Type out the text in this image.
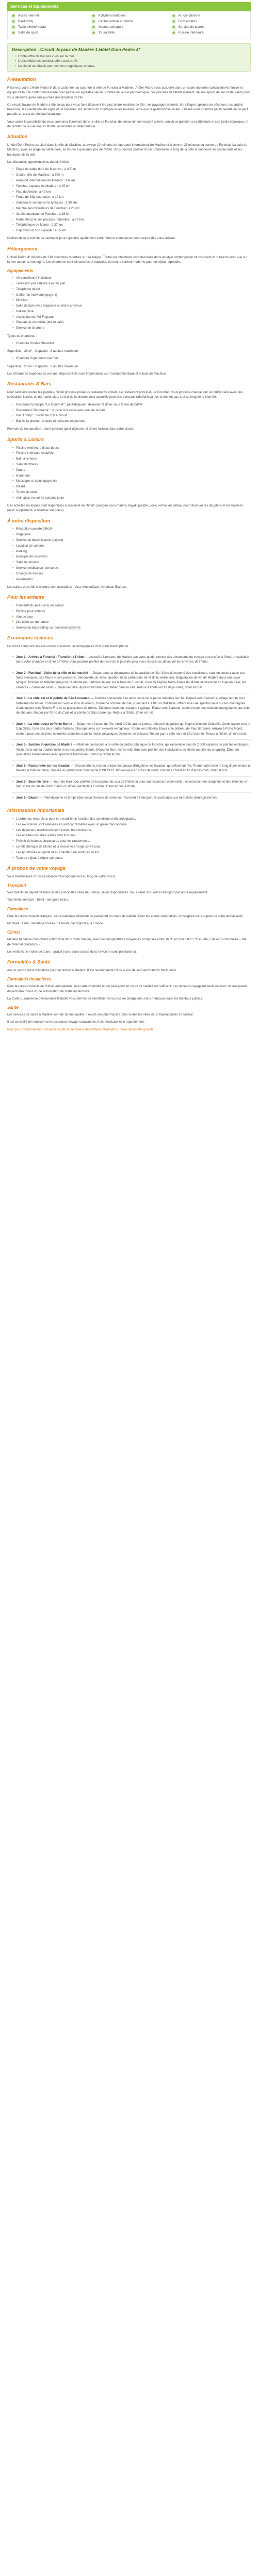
Services et équipements
◉ Accès internet	◉ Activités nautiques	◉ Air conditionné
◉ Bar/Lobby	◉ Centre remise en forme	◉ Club enfants
◉ Table d'hôte/restau	◉ Navette aéroport	◉ Service de laverie
◉ Salle de sport	◉ TV satellite	◉ Piscine intérieure
Description - Circuit Joyaux de Madère 1.Hôtel Dom Pedro 4*
• L'hôtel offre de bonnes vues sur la mer.
• L'ensemble des services offert sont de 4*.
• Le circuit est étudié pour voir les magnifiques criques.
Présentation

Réservez votre L'Hôtel Pedro 5' dans Lisbonne, au cœur de la ville de Funchal à Madère. L'hôtel Pedro vous accueille dans un cadre moderne spécialement rénové et équipé de tout le confort nécessaire pour passer un agréable séjour. Profitez de la vue panoramique, des piscines de l'établissement, de son spa et de ses restaurants pour vous détendre après une journée d'exploration de l'île.

Ce circuit Joyaux de Madère a été conçu pour vous faire découvrir les plus beaux endroits de l'île : les paysages naturels, les villages typiques de pêcheurs, les jardins tropicaux, les plantations de vigne et de bananes, les sentiers de montagne et les levadas, ainsi que la gastronomie locale. Laissez-vous charmer par la beauté de ce petit paradis au cœur de l'océan Atlantique.

Vous aurez la possibilité de vous promener librement dans la ville de Funchal, de découvrir son marché coloré, son vieux quartier, sa cathédrale et son jardin botanique, et de profiter de la vue depuis Monte, accessible en téléphérique.

Situation

L'hôtel Dom Pedro est situé dans la ville de Machico, à environ 10 minutes de l'aéroport international de Madère et à environ 25 minutes du centre de Funchal. La baie de Machico, avec sa plage de sable doré, se trouve à quelques pas de l'hôtel. Vous pourrez profiter d'une promenade le long de la côte et découvrir les restaurants et les boutiques de la ville.

Les distances approximatives depuis l'hôtel :

• Plage de sable doré de Machico : à 200 m
• Centre-ville de Machico : à 300 m
• Aéroport international de Madère : à 6 km
• Funchal, capitale de Madère : à 25 km
• Pico do Arieiro : à 40 km
• Ponta de São Lourenço : à 12 km
• Santana et ses maisons typiques : à 30 km
• Marché des travailleurs de Funchal : à 25 km
• Jardin botanique de Funchal : à 28 km
• Porto Moniz et ses piscines naturelles : à 70 km
• Téléphérique de Monte : à 27 km
• Cap Girão et son skywalk : à 35 km

Profitez de la proximité de l'aéroport pour rejoindre rapidement votre hôtel et commencer votre séjour dès votre arrivée.

Hébergement

L'Hôtel Pedro 4* dispose de 218 chambres réparties sur 14 étages. Toutes les chambres sont décorées dans un style contemporain et disposent d'un balcon avec vue sur la mer ou sur la montagne. Les chambres sont climatisées et équipées de tout le confort moderne pour un séjour agréable.

Équipements
• Air conditionné individuel
• Télévision par satellite à écran plat
• Téléphone direct
• Coffre-fort individuel (payant)
• Mini-bar
• Salle de bain avec baignoire et sèche-cheveux
• Balcon privé
• Accès internet Wi-Fi gratuit
• Plateau de courtoisie (thé et café)
• Service de chambre

Types de chambres :

• Chambre Double Standard

Superficie : 26 m² - Capacité : 3 adultes maximum

• Chambre Supérieure vue mer

Superficie : 28 m² - Capacité : 3 adultes maximum

Les Chambres Supérieures vue mer disposent de vues imprenables sur l'océan Atlantique et la baie de Machico.

Restaurants & Bars

Pour satisfaire toutes les papilles, l'hôtel propose plusieurs restaurants et bars. Le restaurant principal, Le Gourmet, vous propose chaque jour un buffet varié avec des spécialités locales et internationales. Le bar de la piscine vous accueille pour des boissons rafraîchissantes et des en-cas tout au long de la journée.

• Restaurant principal "Le Gourmet" : petit-déjeuner, déjeuner et dîner sous forme de buffet
• Restaurant "Panorama" : cuisine à la carte avec vue sur la baie
• Bar "Lobby" : ouvert de 10h à minuit
• Bar de la piscine : snacks et boissons en journée

Formule de restauration : demi-pension (petit-déjeuner et dîner) incluse dans votre circuit.

Sports & Loisirs
• Piscine extérieure d'eau douce
• Piscine intérieure chauffée
• Bain à remous
• Salle de fitness
• Sauna
• Hammam
• Massages et soins (payants)
• Billard
• Tennis de table
• Animation en soirée certains jours

Des activités nautiques sont disponibles à proximité de l'hôtel : plongée sous-marine, kayak, paddle, voile, sorties en bateau pour observer les dauphins et les baleines (avec supplément, à réserver sur place).

À votre disposition
• Réception ouverte 24h/24
• Bagagerie
• Service de blanchisserie (payant)
• Location de voitures
• Parking
• Boutique de souvenirs
• Salle de réunion
• Service médical sur demande
• Change de devises
• Ascenseurs

Les cartes de crédit suivantes sont acceptées : Visa, MasterCard, American Express.

Pour les enfants
• Club enfants (4-12 ans) en saison
• Piscine pour enfants
• Aire de jeux
• Lits bébé sur demande
• Service de baby-sitting sur demande (payant)
Excursions incluses

Le circuit comprend les excursions suivantes, accompagnées d'un guide francophone :

• Jour 1 - Arrivée à Funchal - Transfert à l'hôtel — Accueil à l'aéroport de Madère par votre guide, remise des documents de voyage et transfert à l'hôtel. Installation dans votre chambre et dîner à l'hôtel. Vous pourrez profiter du reste de la journée pour vous reposer ou découvrir les environs de l'hôtel.
• Jour 2 - Funchal - Visite de la ville et du marché — Départ pour la découverte de la capitale de l'île. Visite du marché des travailleurs, haut en couleur avec ses fruits exotiques, ses fleurs et ses poissons. Découverte du vieux quartier, de la cathédrale Sé et de la vieille ville. Dégustation de vin de Madère dans une cave typique. Montée en téléphérique jusqu'à Monte pour admirer la vue sur la baie de Funchal, visite de l'église Notre-Dame du Monte et descente en luge en osier, les célèbres « carros de cesto ». Déjeuner libre. Après-midi libre pour flâner dans la ville. Retour à l'hôtel en fin de journée, dîner et nuit.
• Jour 3 - La côte est et la pointe de São Lourenço — Journée consacrée à la découverte de la partie orientale de l'île. Départ vers Camacha, village réputé pour l'artisanat de l'osier. Continuation vers le Pico do Arieiro, troisième sommet de l'île, culminant à 1 818 m d'altitude, offrant une vue spectaculaire sur les montagnes. Continuation vers Ribeiro Frio et sa pisciculture de truites. Déjeuner dans un restaurant typique. Route vers Santana, célèbre pour ses maisons triangulaires aux toits de chaume. Retour par Porto da Cruz et la pointe de São Lourenço. Retour à l'hôtel, dîner et nuit.
• Jour 4 - La côte ouest et Porto Moniz — Départ vers l'ouest de l'île. Arrêt à Câmara de Lobos, petit port de pêche qui inspira Winston Churchill. Continuation vers le Cap Girão, l'une des plus hautes falaises d'Europe avec son skywalk vertigineux. Route vers Ribeira Brava et le plateau de Paul da Serra. Arrivée à Porto Moniz, célèbre pour ses piscines naturelles creusées dans la roche volcanique. Déjeuner de poisson. Retour par la côte nord et São Vicente. Retour à l'hôtel, dîner et nuit.
• Jour 5 - Jardins et quintas de Madère — Matinée consacrée à la visite du jardin botanique de Funchal, qui rassemble plus de 2 000 espèces de plantes exotiques. Visite d'une quinta traditionnelle et de ses jardins fleuris. Déjeuner libre. Après-midi libre pour profiter des installations de l'hôtel ou faire du shopping. Dîner de spécialités madériennes avec spectacle folklorique. Retour à l'hôtel et nuit.
• Jour 6 - Randonnée sur les levadas — Découverte du réseau unique de canaux d'irrigation, les levadas, qui sillonnent l'île. Promenade facile le long d'une levada à travers la forêt laurifère, classée au patrimoine mondial de l'UNESCO. Pique-nique en cours de route. Retour à l'hôtel en fin d'après-midi, dîner et nuit.
• Jour 7 - Journée libre — Journée libre pour profiter de la piscine, du spa de l'hôtel ou pour une excursion optionnelle : observation des dauphins et des baleines en mer, visite de l'île de Porto Santo ou dîner spectacle à Funchal. Dîner et nuit à l'hôtel.
• Jour 8 - Départ — Petit-déjeuner et temps libre selon l'horaire de votre vol. Transfert à l'aéroport et assistance aux formalités d'enregistrement.
Informations importantes
• L'ordre des excursions peut être modifié en fonction des conditions météorologiques.
• Les excursions sont réalisées en autocar climatisé avec un guide francophone.
• Les déjeuners mentionnés sont inclus, hors boissons.
• Les entrées des sites visités sont incluses.
• Prévoir de bonnes chaussures pour les randonnées.
• Le téléphérique de Monte et la descente en luge sont inclus.
• Les pourboires au guide et au chauffeur ne sont pas inclus.
• Taxe de séjour à régler sur place.
À propos de votre voyage

Vous bénéficierez d'une assistance francophone tout au long de votre circuit.

Transport

Vols directs au départ de Paris et des principales villes de France, selon disponibilités. Vous serez accueilli à l'aéroport par notre représentant.

Transferts aéroport - hôtel - aéroport inclus.

Formalités

Pour les ressortissants français : carte nationale d'identité ou passeport en cours de validité. Pour les autres nationalités, renseignez-vous auprès de votre ambassade.

Monnaie : Euro. Décalage horaire : -1 heure par rapport à la France.

Climat

Madère bénéficie d'un climat subtropical doux toute l'année, avec des températures moyennes comprises entre 16 °C en hiver et 25 °C en été. L'île est surnommée « l'île de l'éternel printemps ».

Les enfants de moins de 2 ans : gratuit (sans place assise dans l'avion et sans prestations).

Formalités & Santé

Aucun vaccin n'est obligatoire pour se rendre à Madère. Il est recommandé d'être à jour de ses vaccinations habituelles.

Formalités douanières

Pour les ressortissants de l'Union européenne, une carte d'identité ou un passeport en cours de validité est suffisant. Les mineurs voyageant seuls ou avec un seul parent doivent être munis d'une autorisation de sortie du territoire.

La Carte Européenne d'Assurance Maladie vous permet de bénéficier de la prise en charge des soins médicaux dans les hôpitaux publics.

Santé

Les services de santé à Madère sont de bonne qualité. Il existe des pharmacies dans toutes les villes et un hôpital public à Funchal.

Il est conseillé de souscrire une assurance voyage couvrant les frais médicaux et le rapatriement.

Pour plus d'informations, consultez le site du ministère des Affaires étrangères : www.diplomatie.gouv.fr
